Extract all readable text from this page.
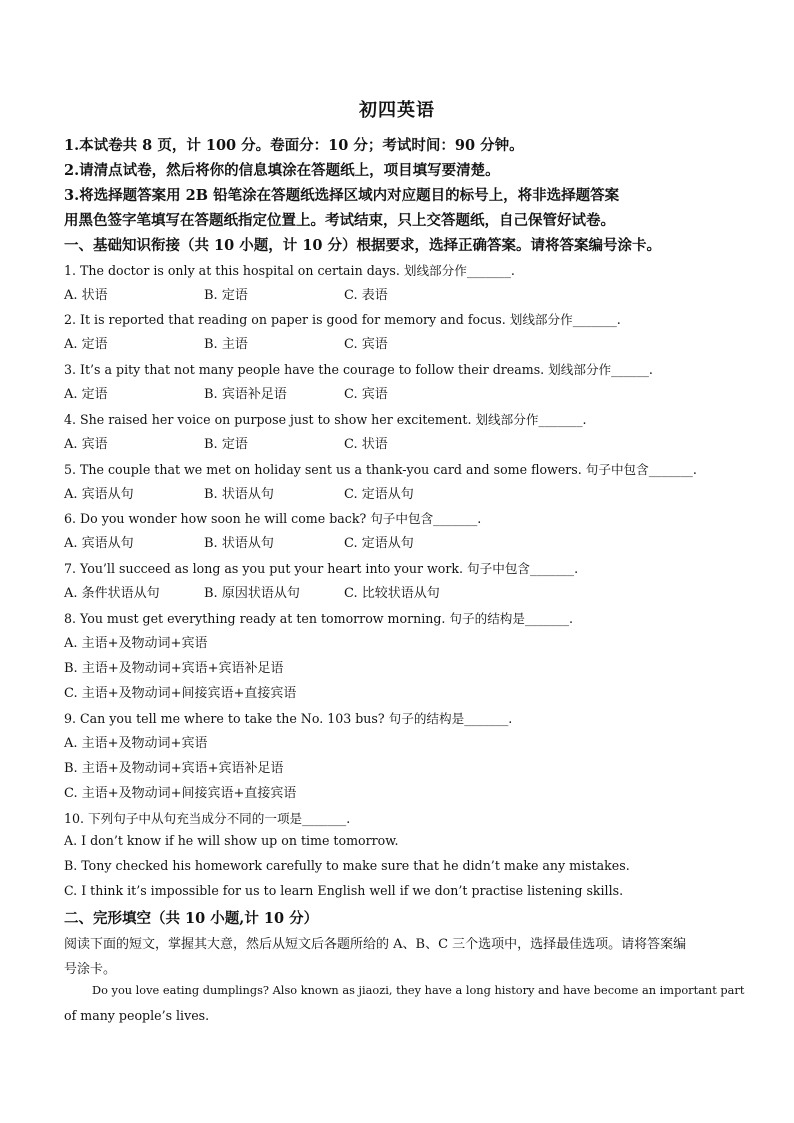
初四英语
1.本试卷共 8 页，计 100 分。卷面分：10 分；考试时间：90 分钟。
2.请清点试卷，然后将你的信息填涂在答题纸上，项目填写要清楚。
3.将选择题答案用 2B 铅笔涂在答题纸选择区域内对应题目的标号上，将非选择题答案
用黑色签字笔填写在答题纸指定位置上。考试结束，只上交答题纸，自己保管好试卷。
一、基础知识衔接（共 10 小题，计 10 分）根据要求，选择正确答案。请将答案编号涂卡。
1. The doctor is only at this hospital on certain days. 划线部分作_______.
A. 状语	B. 定语	C. 表语
2. It is reported that reading on paper is good for memory and focus. 划线部分作_______.
A. 定语	B. 主语	C. 宾语
3. It’s a pity that not many people have the courage to follow their dreams. 划线部分作______.
A. 定语	B. 宾语补足语	C. 宾语
4. She raised her voice on purpose just to show her excitement. 划线部分作_______.
A. 宾语	B. 定语	C. 状语
5. The couple that we met on holiday sent us a thank-you card and some flowers. 句子中包含_______.
A. 宾语从句	B. 状语从句	C. 定语从句
6. Do you wonder how soon he will come back? 句子中包含_______.
A. 宾语从句	B. 状语从句	C. 定语从句
7. You’ll succeed as long as you put your heart into your work. 句子中包含_______.
A. 条件状语从句	B. 原因状语从句	C. 比较状语从句
8. You must get everything ready at ten tomorrow morning. 句子的结构是_______.
A. 主语+及物动词+宾语
B. 主语+及物动词+宾语+宾语补足语
C. 主语+及物动词+间接宾语+直接宾语
9. Can you tell me where to take the No. 103 bus? 句子的结构是_______.
A. 主语+及物动词+宾语
B. 主语+及物动词+宾语+宾语补足语
C. 主语+及物动词+间接宾语+直接宾语
10. 下列句子中从句充当成分不同的一项是_______.
A. I don’t know if he will show up on time tomorrow.
B. Tony checked his homework carefully to make sure that he didn’t make any mistakes.
C. I think it’s impossible for us to learn English well if we don’t practise listening skills.
二、完形填空（共 10 小题,计 10 分）
阅读下面的短文，掌握其大意，然后从短文后各题所给的 A、B、C 三个选项中，选择最佳选项。请将答案编
号涂卡。
Do you love eating dumplings? Also known as jiaozi, they have a long history and have become an important part
of many people’s lives.
